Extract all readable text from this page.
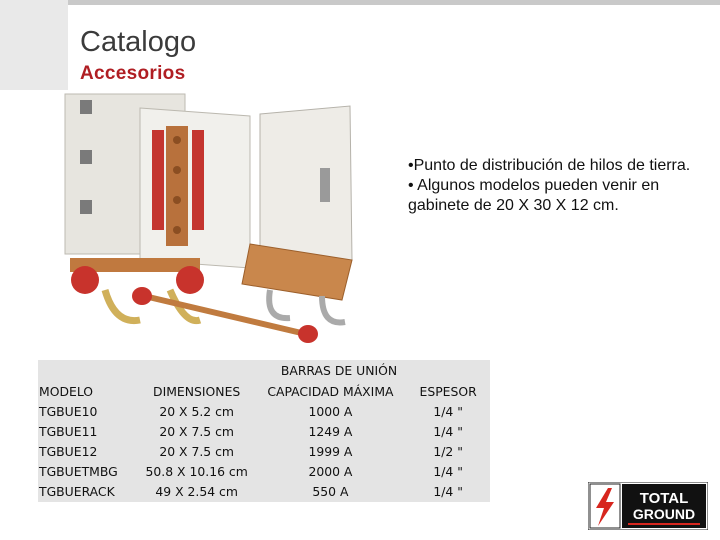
Catalogo
Accesorios

•Punto de distribución de hilos de tierra.

• Algunos modelos pueden venir en gabinete de 20 X 30 X 12 cm.

BARRAS DE UNIÓN			
MODELO	DIMENSIONES	CAPACIDAD MÁXIMA	ESPESOR
TGBUE10	20 X 5.2 cm	1000 A	1/4 "
TGBUE11	20 X 7.5 cm	1249 A	1/4 "
TGBUE12	20 X 7.5 cm	1999 A	1/2 "
TGBUETMBG	50.8 X 10.16 cm	2000 A	1/4 "
TGBUERACK	49 X 2.54 cm	550 A	1/4 "	TOTAL
GROUND
